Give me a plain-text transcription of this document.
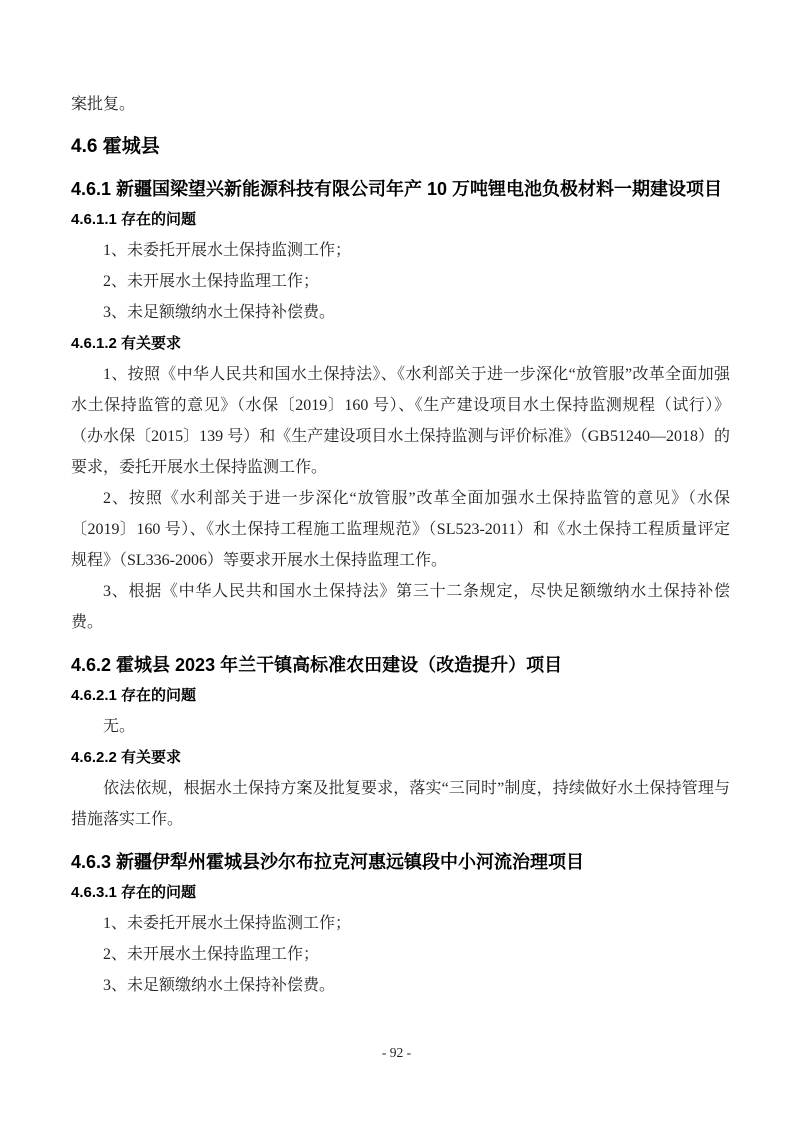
案批复。

4.6 霍城县
4.6.1 新疆国梁望兴新能源科技有限公司年产 10 万吨锂电池负极材料一期建设项目
4.6.1.1 存在的问题

1、未委托开展水土保持监测工作；

2、未开展水土保持监理工作；

3、未足额缴纳水土保持补偿费。

4.6.1.2 有关要求

1、按照《中华人民共和国水土保持法》、《水利部关于进一步深化“放管服”改革全面加强水土保持监管的意见》（水保〔2019〕160 号）、《生产建设项目水土保持监测规程（试行）》（办水保〔2015〕139 号）和《生产建设项目水土保持监测与评价标准》（GB51240—2018）的要求，委托开展水土保持监测工作。

2、按照《水利部关于进一步深化“放管服”改革全面加强水土保持监管的意见》（水保〔2019〕160 号）、《水土保持工程施工监理规范》（SL523-2011）和《水土保持工程质量评定规程》（SL336-2006）等要求开展水土保持监理工作。

3、根据《中华人民共和国水土保持法》第三十二条规定，尽快足额缴纳水土保持补偿费。

4.6.2 霍城县 2023 年兰干镇高标准农田建设（改造提升）项目
4.6.2.1 存在的问题

无。

4.6.2.2 有关要求

依法依规，根据水土保持方案及批复要求，落实“三同时”制度，持续做好水土保持管理与措施落实工作。

4.6.3 新疆伊犁州霍城县沙尔布拉克河惠远镇段中小河流治理项目
4.6.3.1 存在的问题

1、未委托开展水土保持监测工作；

2、未开展水土保持监理工作；

3、未足额缴纳水土保持补偿费。

- 92 -
